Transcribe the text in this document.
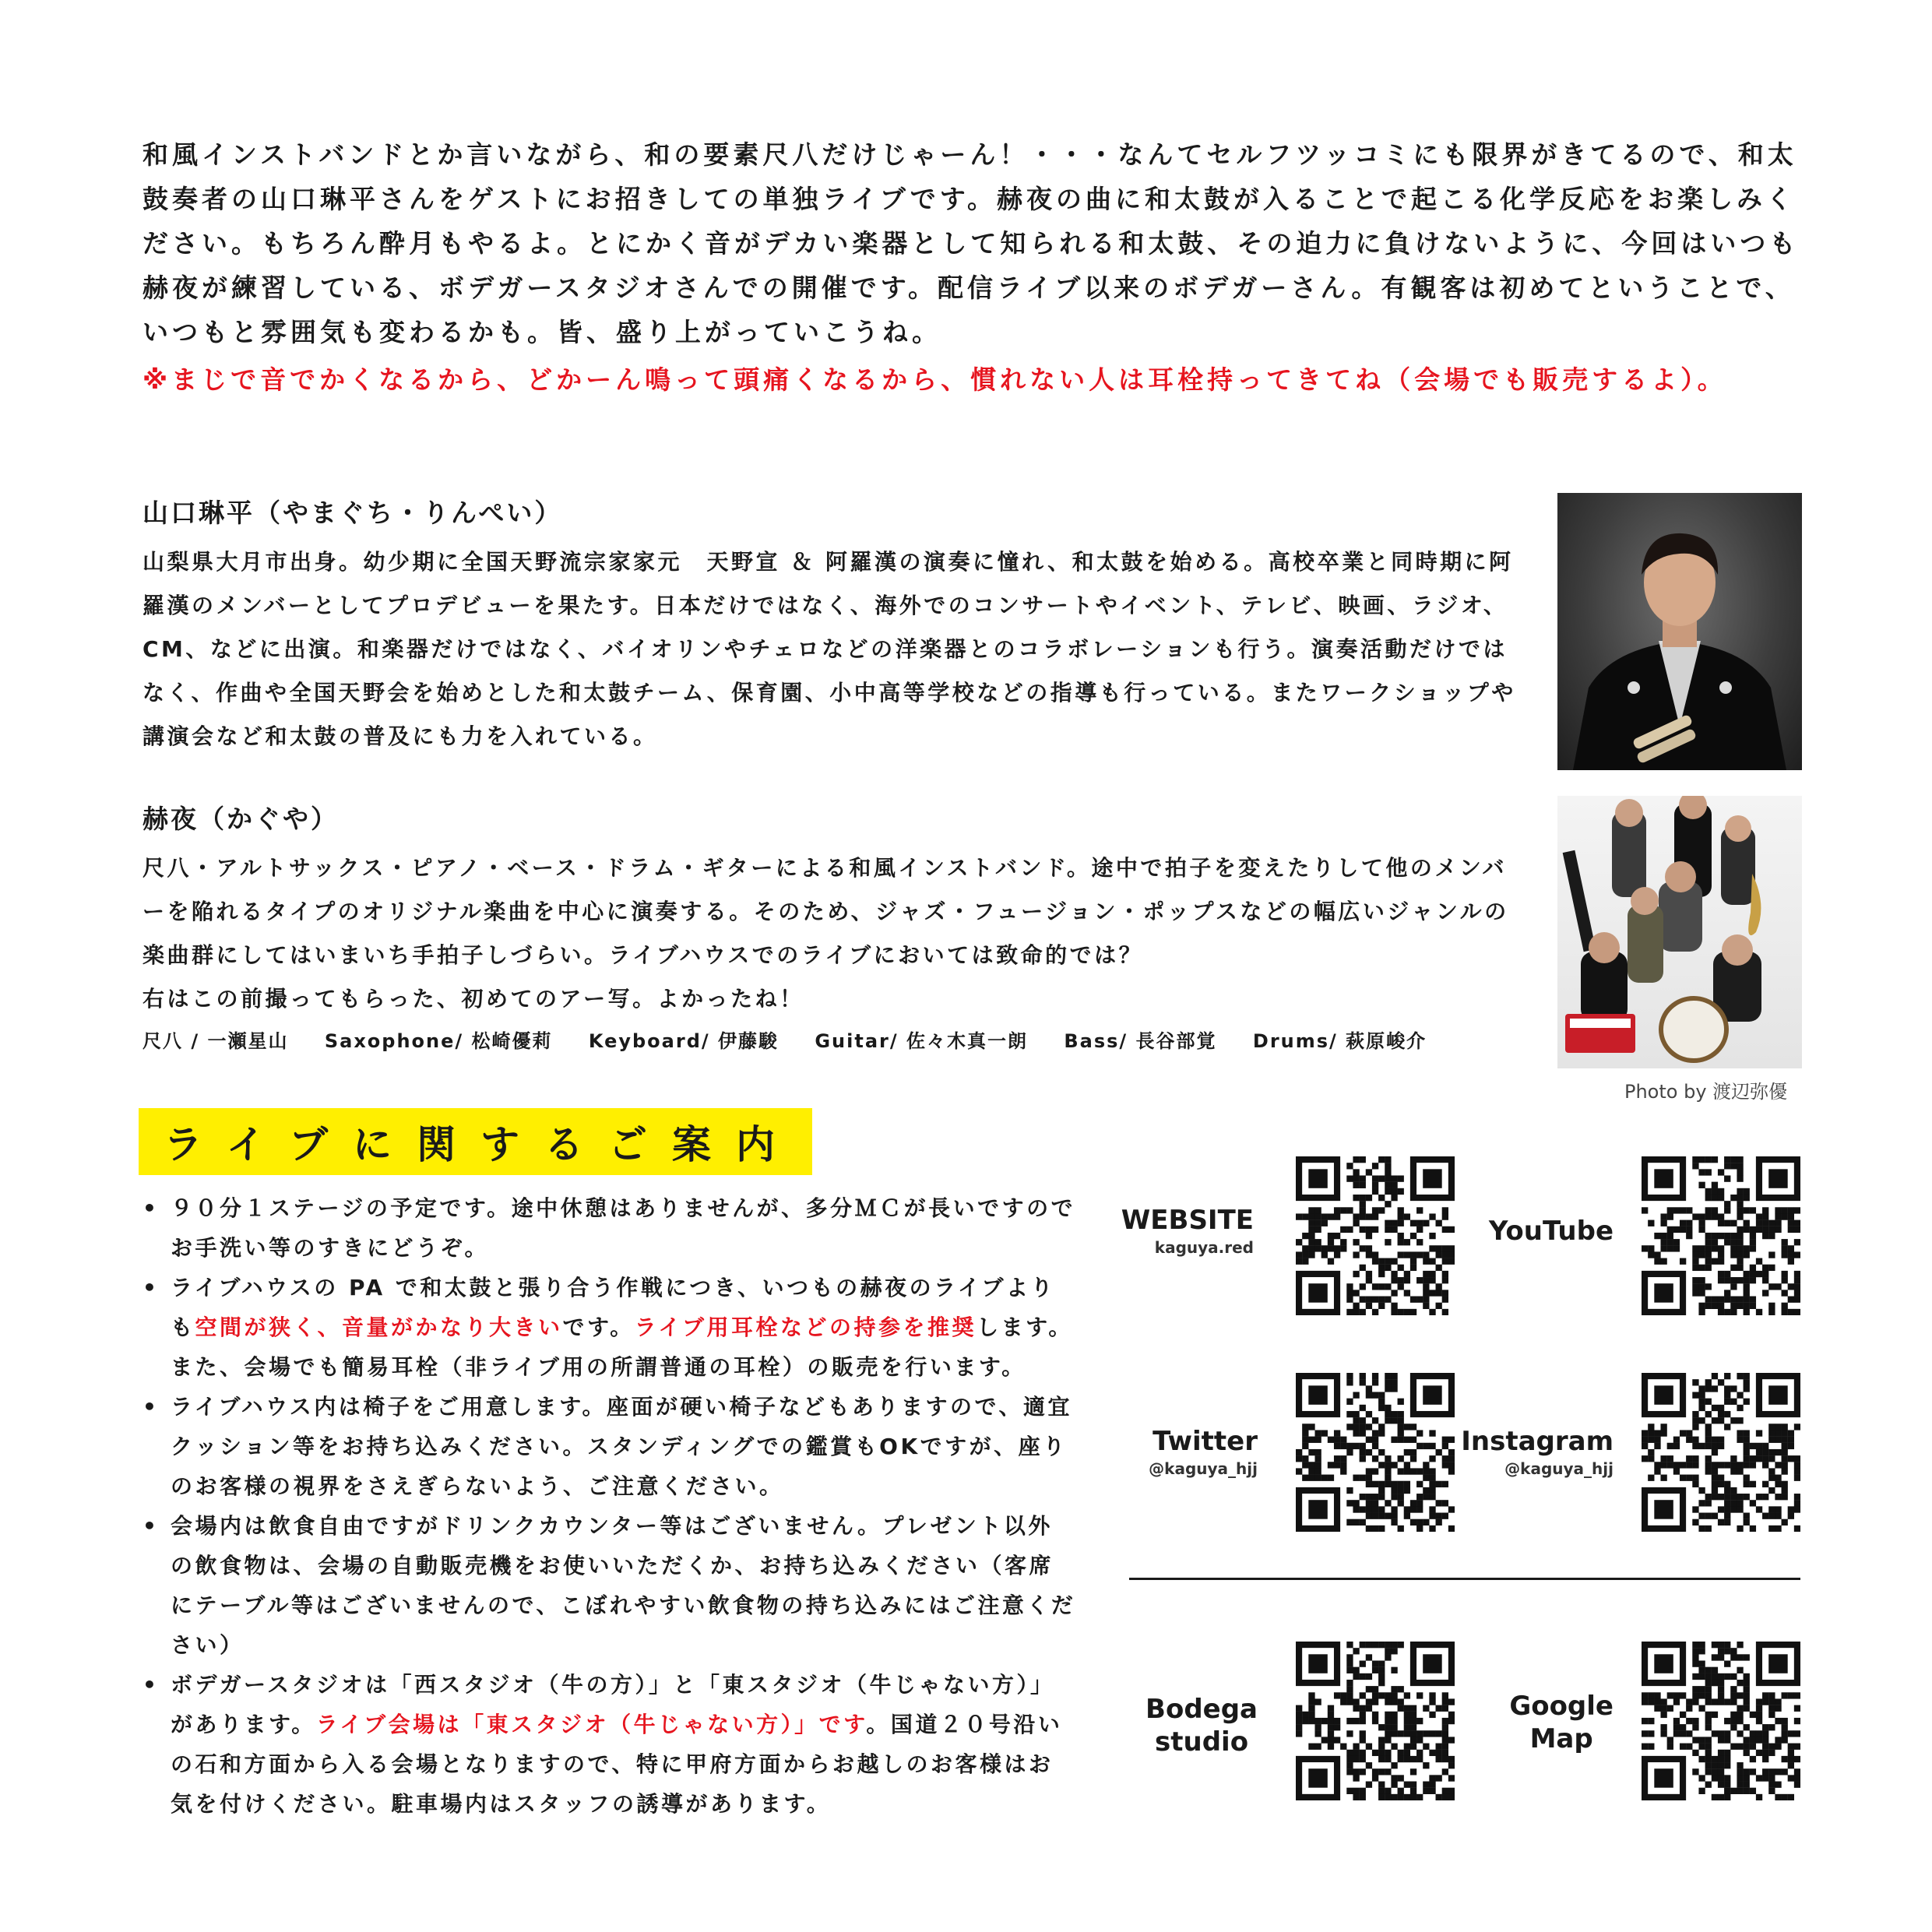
和風インストバンドとか言いながら、和の要素尺八だけじゃーん！・・・なんてセルフツッコミにも限界がきてるので、和太鼓奏者の山口琳平さんをゲストにお招きしての単独ライブです。赫夜の曲に和太鼓が入ることで起こる化学反応をお楽しみください。もちろん酔月もやるよ。とにかく音がデカい楽器として知られる和太鼓、その迫力に負けないように、今回はいつも赫夜が練習している、ボデガースタジオさんでの開催です。配信ライブ以来のボデガーさん。有観客は初めてということで、いつもと雰囲気も変わるかも。皆、盛り上がっていこうね。

※まじで音でかくなるから、どかーん鳴って頭痛くなるから、慣れない人は耳栓持ってきてね（会場でも販売するよ）。

山口琳平（やまぐち・りんぺい）

山梨県大月市出身。幼少期に全国天野流宗家家元　天野宣 ＆ 阿羅漢の演奏に憧れ、和太鼓を始める。高校卒業と同時期に阿羅漢のメンバーとしてプロデビューを果たす。日本だけではなく、海外でのコンサートやイベント、テレビ、映画、ラジオ、CM、などに出演。和楽器だけではなく、バイオリンやチェロなどの洋楽器とのコラボレーションも行う。演奏活動だけではなく、作曲や全国天野会を始めとした和太鼓チーム、保育園、小中高等学校などの指導も行っている。またワークショップや講演会など和太鼓の普及にも力を入れている。

赫夜（かぐや）

尺八・アルトサックス・ピアノ・ベース・ドラム・ギターによる和風インストバンド。途中で拍子を変えたりして他のメンバーを陥れるタイプのオリジナル楽曲を中心に演奏する。そのため、ジャズ・フュージョン・ポップスなどの幅広いジャンルの楽曲群にしてはいまいち手拍子しづらい。ライブハウスでのライブにおいては致命的では？

右はこの前撮ってもらった、初めてのアー写。よかったね！

尺八 / 一瀬星山 Saxophone/ 松崎優莉 Keyboard/ 伊藤駿 Guitar/ 佐々木真一朗 Bass/ 長谷部覚 Drums/ 萩原峻介
Photo by 渡辺弥優
ライブに関するご案内
• ９０分１ステージの予定です。途中休憩はありませんが、多分ＭＣが長いですのでお手洗い等のすきにどうぞ。
• ライブハウスの PA で和太鼓と張り合う作戦につき、いつもの赫夜のライブよりも空間が狭く、音量がかなり大きいです。ライブ用耳栓などの持参を推奨します。また、会場でも簡易耳栓（非ライブ用の所謂普通の耳栓）の販売を行います。
• ライブハウス内は椅子をご用意します。座面が硬い椅子などもありますので、適宜クッション等をお持ち込みください。スタンディングでの鑑賞もOKですが、座りのお客様の視界をさえぎらないよう、ご注意ください。
• 会場内は飲食自由ですがドリンクカウンター等はございません。プレゼント以外の飲食物は、会場の自動販売機をお使いいただくか、お持ち込みください（客席にテーブル等はございませんので、こぼれやすい飲食物の持ち込みにはご注意ください）
• ボデガースタジオは「西スタジオ（牛の方）」と「東スタジオ（牛じゃない方）」があります。ライブ会場は「東スタジオ（牛じゃない方）」です。国道２０号沿いの石和方面から入る会場となりますので、特に甲府方面からお越しのお客様はお気を付けください。駐車場内はスタッフの誘導があります。
WEBSITE
kaguya.red
YouTube
Twitter
@kaguya_hjj
Instagram
@kaguya_hjj
Bodega
studio
Google
Map
